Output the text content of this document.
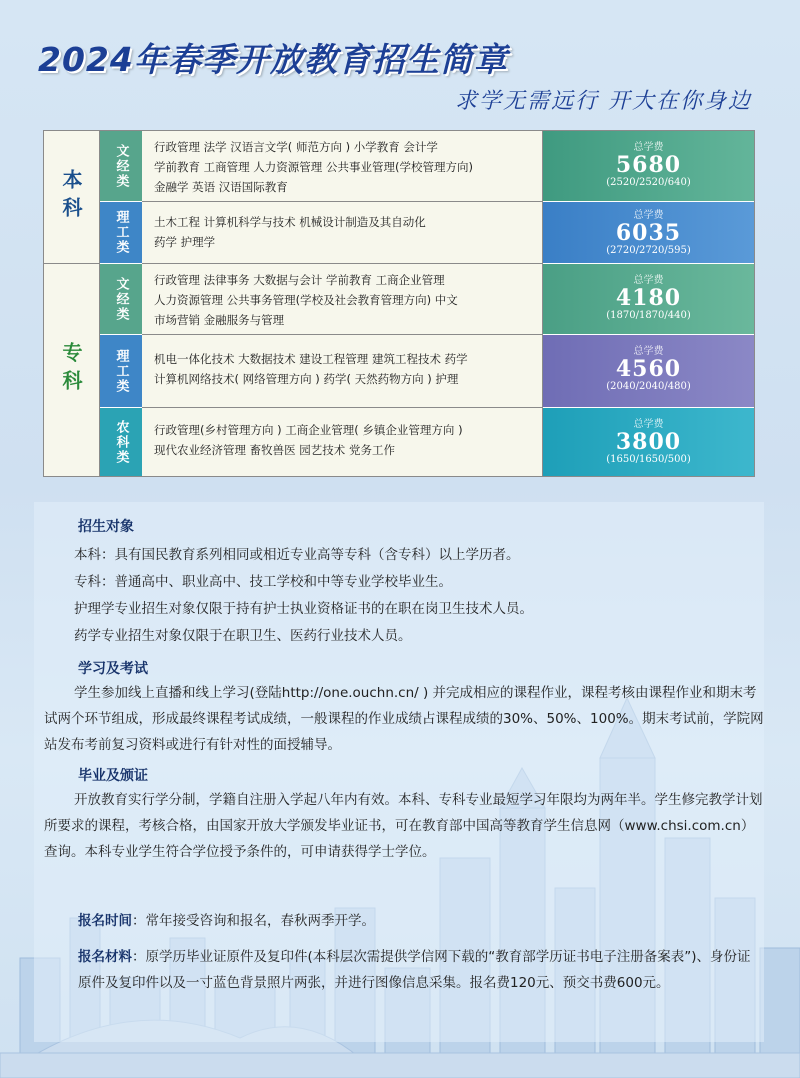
2024年春季开放教育招生简章
求学无需远行 开大在你身边
本科
文经类 行政管理 法学 汉语言文学( 师范方向 ) 小学教育 会计学
学前教育 工商管理 人力资源管理 公共事业管理(学校管理方向)
金融学 英语 汉语国际教育
总学费
5680
(2520/2520/640)
理工类 土木工程 计算机科学与技术 机械设计制造及其自动化
药学 护理学
总学费
6035
(2720/2720/595)
专科
文经类 行政管理 法律事务 大数据与会计 学前教育 工商企业管理
人力资源管理 公共事务管理(学校及社会教育管理方向) 中文
市场营销 金融服务与管理
总学费
4180
(1870/1870/440)
理工类 机电一体化技术 大数据技术 建设工程管理 建筑工程技术 药学
计算机网络技术( 网络管理方向 ) 药学( 天然药物方向 ) 护理
总学费
4560
(2040/2040/480)
农科类 行政管理(乡村管理方向 ) 工商企业管理( 乡镇企业管理方向 )
现代农业经济管理 畜牧兽医 园艺技术 党务工作
总学费
3800
(1650/1650/500)
招生对象
本科：具有国民教育系列相同或相近专业高等专科（含专科）以上学历者。
专科：普通高中、职业高中、技工学校和中等专业学校毕业生。
护理学专业招生对象仅限于持有护士执业资格证书的在职在岗卫生技术人员。
药学专业招生对象仅限于在职卫生、医药行业技术人员。
学习及考试
学生参加线上直播和线上学习(登陆http://one.ouchn.cn/ ) 并完成相应的课程作业，课程考核由课程作业和期末考试两个环节组成，形成最终课程考试成绩，一般课程的作业成绩占课程成绩的30%、50%、100%。期末考试前，学院网站发布考前复习资料或进行有针对性的面授辅导。
毕业及颁证
开放教育实行学分制，学籍自注册入学起八年内有效。本科、专科专业最短学习年限均为两年半。学生修完教学计划所要求的课程，考核合格，由国家开放大学颁发毕业证书，可在教育部中国高等教育学生信息网（www.chsi.com.cn）查询。本科专业学生符合学位授予条件的，可申请获得学士学位。
报名时间：常年接受咨询和报名，春秋两季开学。
报名材料：原学历毕业证原件及复印件(本科层次需提供学信网下载的“教育部学历证书电子注册备案表”)、身份证原件及复印件以及一寸蓝色背景照片两张，并进行图像信息采集。报名费120元、预交书费600元。
